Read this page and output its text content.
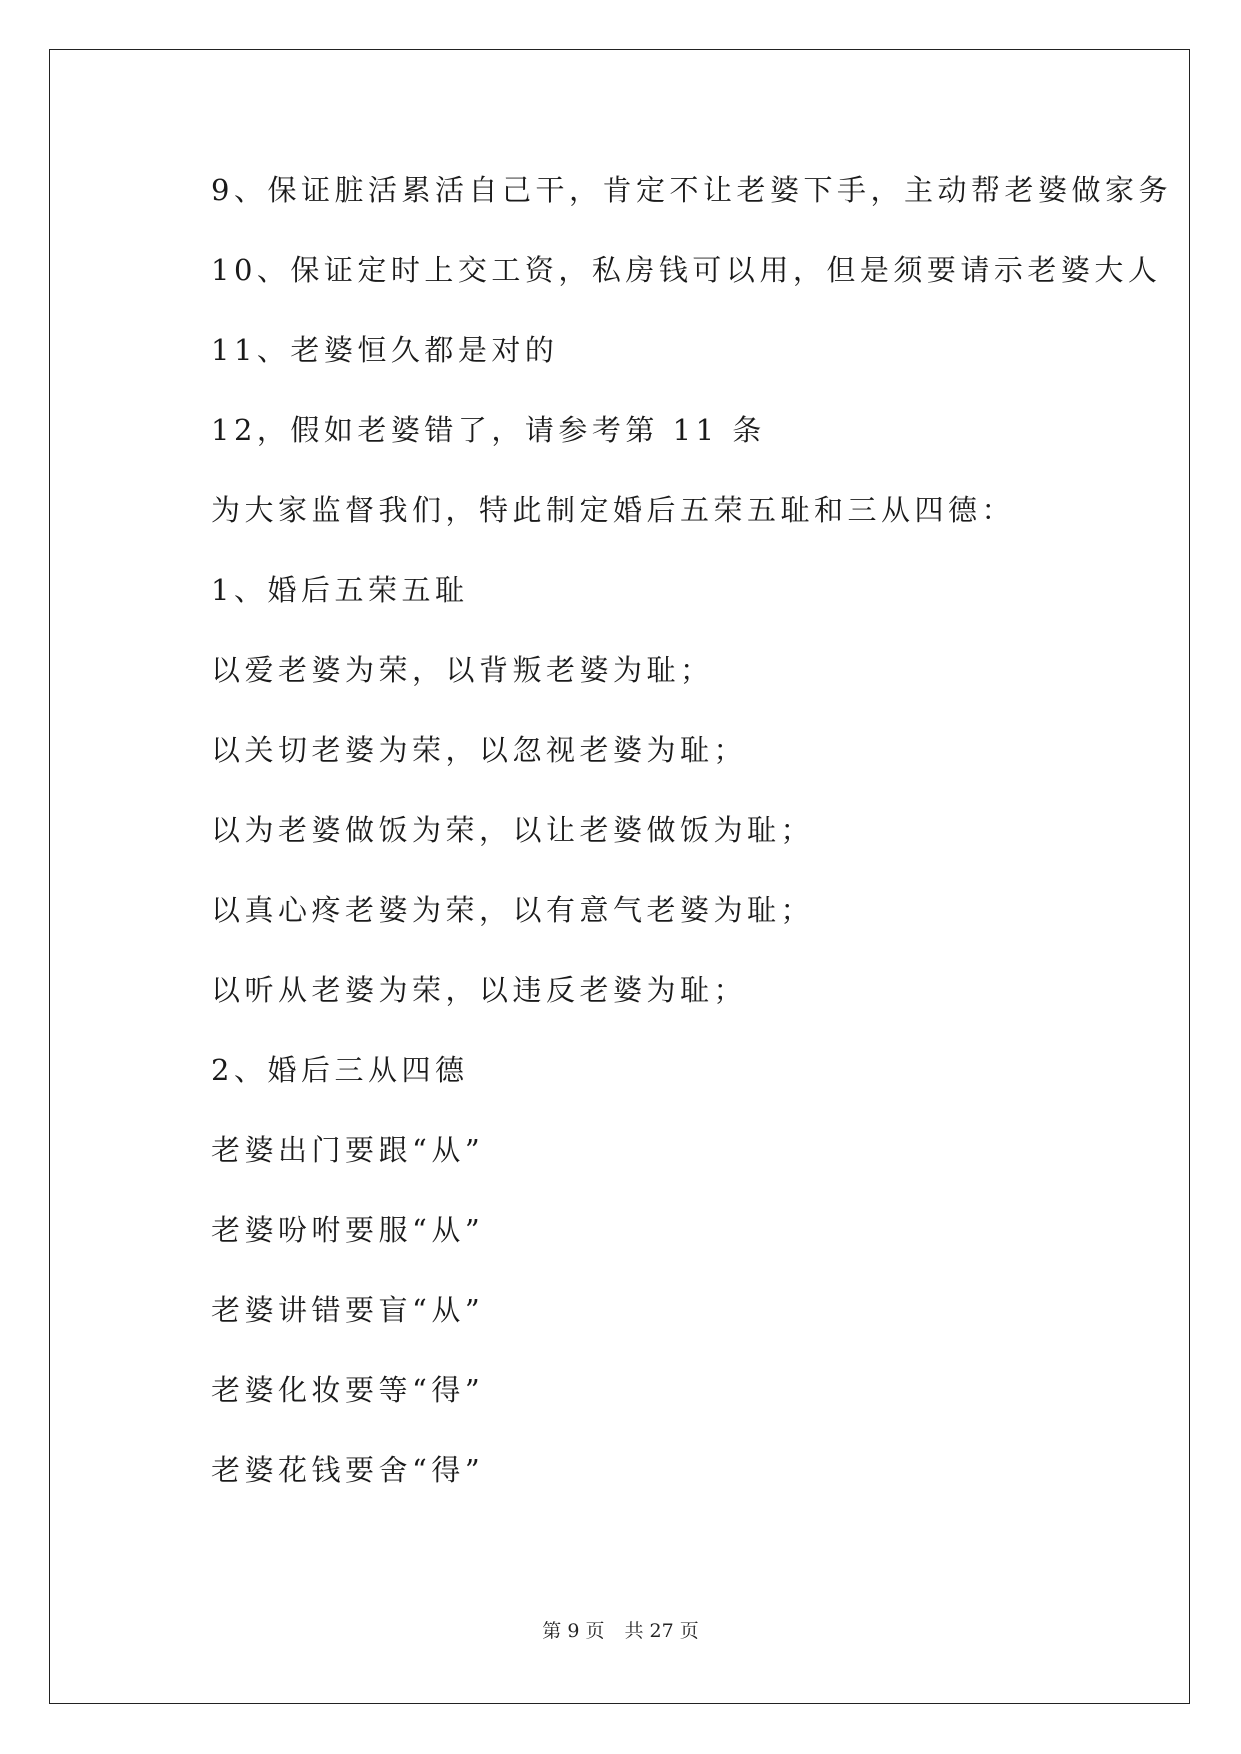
9、保证脏活累活自己干，肯定不让老婆下手，主动帮老婆做家务
10、保证定时上交工资，私房钱可以用，但是须要请示老婆大人
11、老婆恒久都是对的
12，假如老婆错了，请参考第 11 条
为大家监督我们，特此制定婚后五荣五耻和三从四德：
1、婚后五荣五耻
以爱老婆为荣，以背叛老婆为耻；
以关切老婆为荣，以忽视老婆为耻；
以为老婆做饭为荣，以让老婆做饭为耻；
以真心疼老婆为荣，以有意气老婆为耻；
以听从老婆为荣，以违反老婆为耻；
2、婚后三从四德
老婆出门要跟“从”
老婆吩咐要服“从”
老婆讲错要盲“从”
老婆化妆要等“得”
老婆花钱要舍“得”
第 9 页 共 27 页
